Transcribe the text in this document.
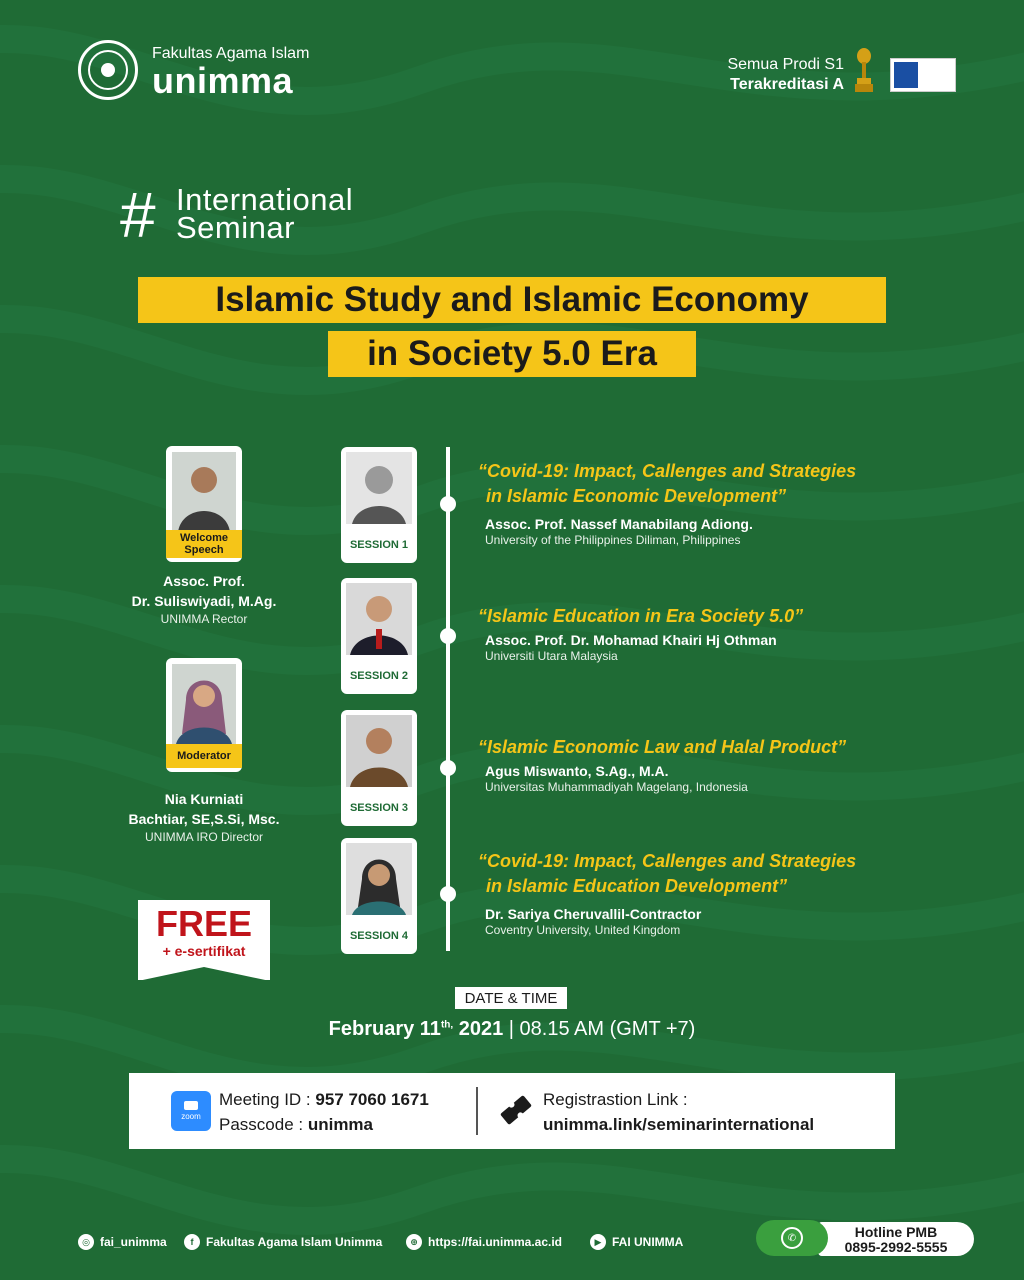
Fakultas Agama Islam
unimma	Semua Prodi S1
Terakreditasi A
# International
Seminar
Islamic Study and Islamic Economy
in Society 5.0 Era
Welcome
Speech
Assoc. Prof.
Dr. Suliswiyadi, M.Ag.
UNIMMA Rector
Moderator
Nia Kurniati
Bachtiar, SE,S.Si, Msc.
UNIMMA IRO Director
SESSION 1
SESSION 2
SESSION 3
SESSION 4
“Covid-19: Impact, Callenges and Strategies
in Islamic Economic Development”
Assoc. Prof. Nassef Manabilang Adiong.
University of the Philippines Diliman, Philippines
“Islamic Education in Era Society 5.0”
Assoc. Prof. Dr. Mohamad Khairi Hj Othman
Universiti Utara Malaysia
“Islamic Economic Law and Halal Product”
Agus Miswanto, S.Ag., M.A.
Universitas Muhammadiyah Magelang, Indonesia
“Covid-19: Impact, Callenges and Strategies
in Islamic Education Development”
Dr. Sariya Cheruvallil-Contractor
Coventry University, United Kingdom
FREE
+ e-sertifikat
DATE & TIME
February $11^{th,}$ 2021 | 08.15 AM (GMT +7)
zoom
Meeting ID : 957 7060 1671
Passcode : unimma
Registrastion Link :
unimma.link/seminarinternational
◎ fai_unimma	f	Fakultas Agama Islam Unimma	⊕ https://fai.unimma.ac.id	▶ FAI UNIMMA
Hotline PMB
0895-2992-5555
✆
